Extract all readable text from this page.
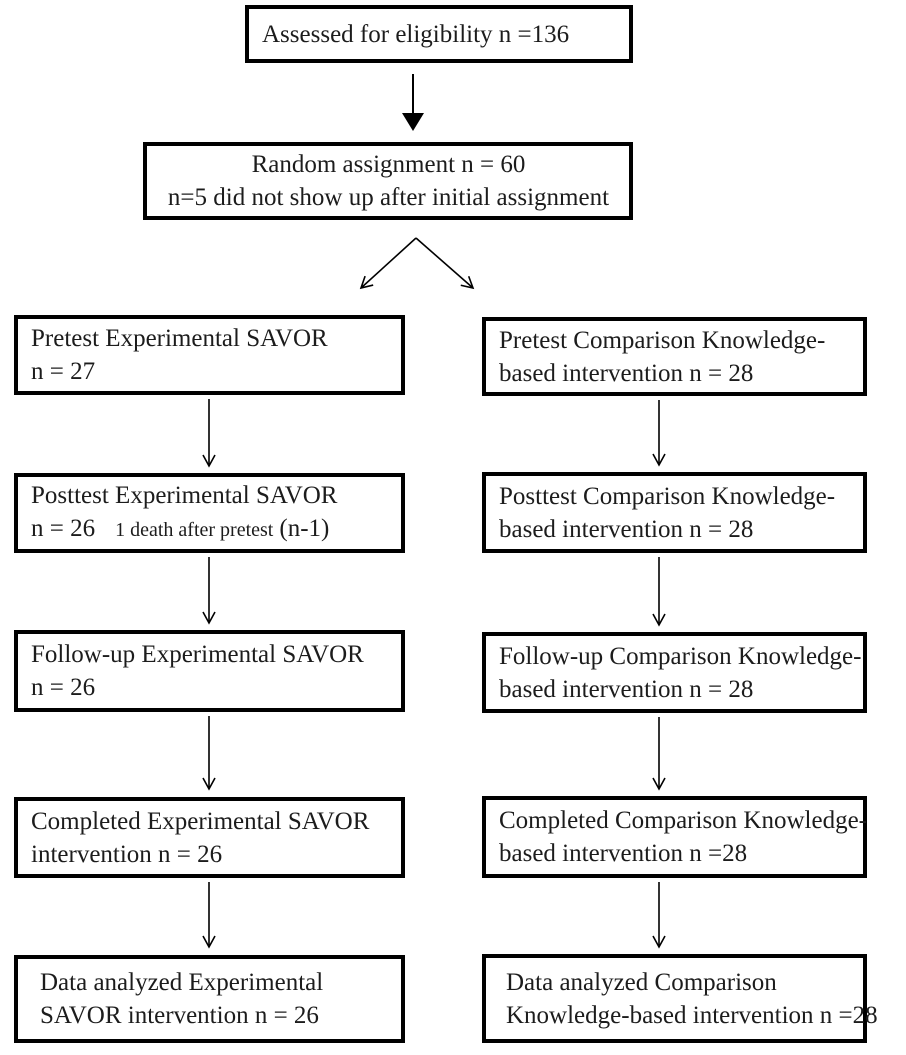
Assessed for eligibility n =136
Random assignment n = 60
n=5 did not show up after initial assignment
Pretest Experimental SAVOR
n = 27
Posttest Experimental SAVOR
n = 26 1 death after pretest (n-1)
Follow-up Experimental SAVOR
n = 26
Completed Experimental SAVOR
intervention n = 26
Data analyzed Experimental
SAVOR intervention n = 26
Pretest Comparison Knowledge-
based intervention n = 28
Posttest Comparison Knowledge-
based intervention n = 28
Follow-up Comparison Knowledge-
based intervention n = 28
Completed Comparison Knowledge-
based intervention n =28
Data analyzed Comparison
Knowledge-based intervention n =28
